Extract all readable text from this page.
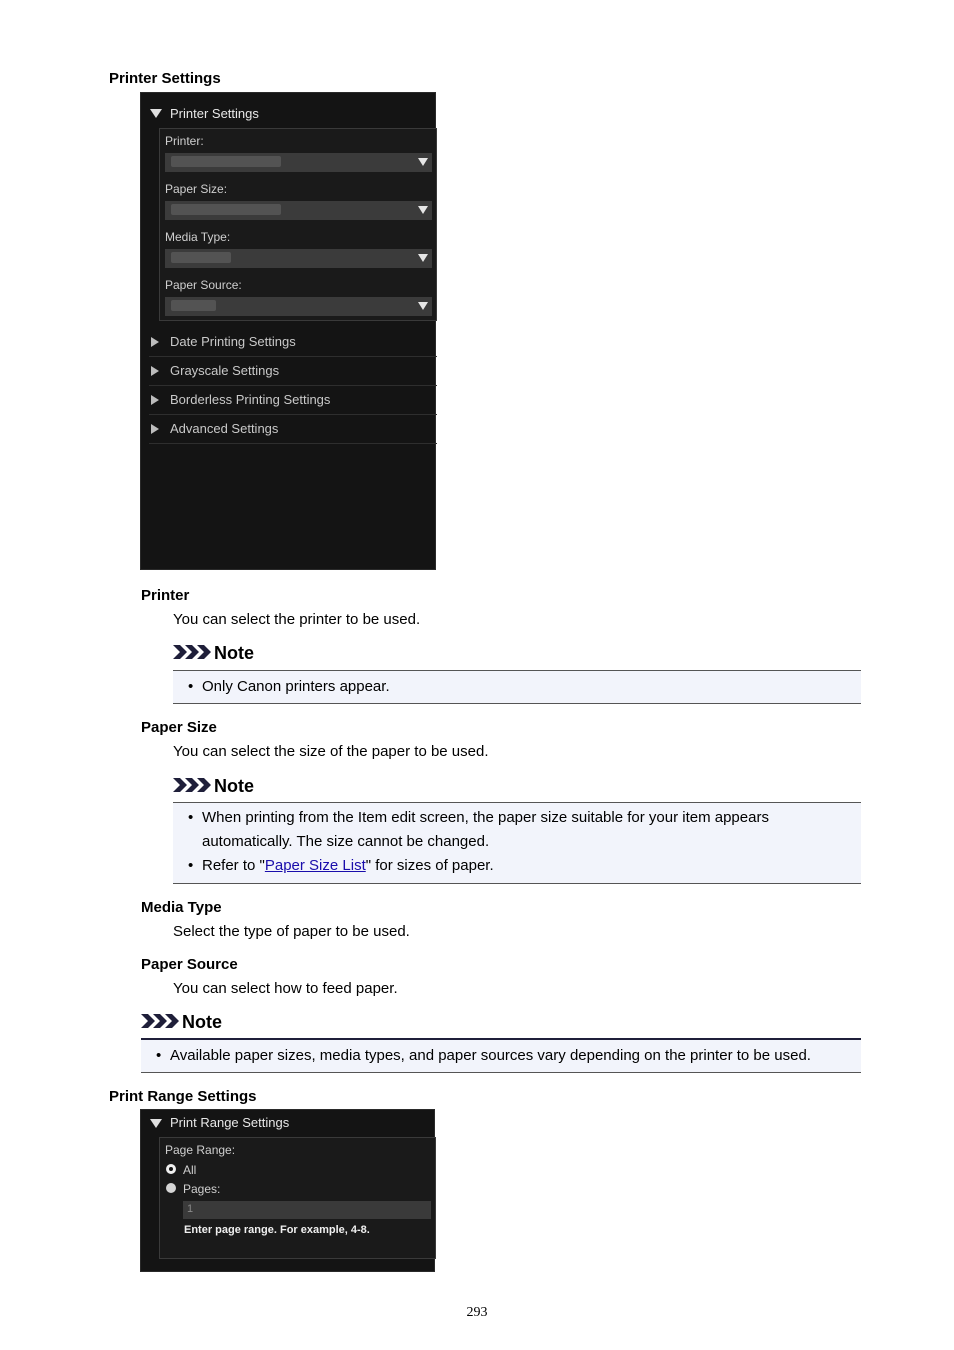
Printer Settings
Printer Settings
Printer:
Paper Size:
Media Type:
Paper Source:
Date Printing Settings
Grayscale Settings
Borderless Printing Settings
Advanced Settings
Printer
You can select the printer to be used.
Note
• Only Canon printers appear.
Paper Size
You can select the size of the paper to be used.
Note
• When printing from the Item edit screen, the paper size suitable for your item appears automatically. The size cannot be changed.
• Refer to "Paper Size List" for sizes of paper.
Media Type
Select the type of paper to be used.
Paper Source
You can select how to feed paper.
Note
• Available paper sizes, media types, and paper sources vary depending on the printer to be used.
Print Range Settings
Print Range Settings
Page Range:
All
Pages:
1
Enter page range. For example, 4-8.
293
